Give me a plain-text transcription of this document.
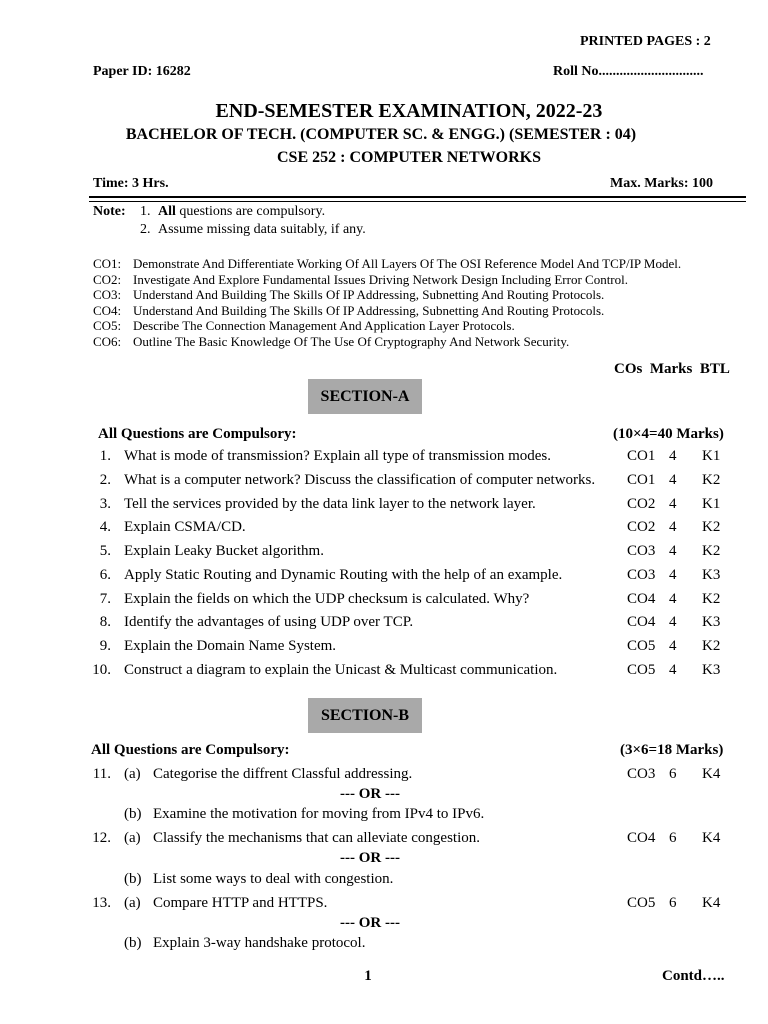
PRINTED PAGES : 2
Paper ID: 16282	Roll No..............................
END-SEMESTER EXAMINATION, 2022-23
BACHELOR OF TECH. (COMPUTER SC. & ENGG.) (SEMESTER : 04)
CSE 252 : COMPUTER NETWORKS
Time: 3 Hrs.	Max. Marks: 100
Note: 1. All questions are compulsory.
2. Assume missing data suitably, if any.
CO1: Demonstrate And Differentiate Working Of All Layers Of The OSI Reference Model And TCP/IP Model.
CO2: Investigate And Explore Fundamental Issues Driving Network Design Including Error Control.
CO3: Understand And Building The Skills Of IP Addressing, Subnetting And Routing Protocols.
CO4: Understand And Building The Skills Of IP Addressing, Subnetting And Routing Protocols.
CO5: Describe The Connection Management And Application Layer Protocols.
CO6: Outline The Basic Knowledge Of The Use Of Cryptography And Network Security.
COs  Marks  BTL
SECTION-A
All Questions are Compulsory:	(10×4=40 Marks)
1. What is mode of transmission? Explain all type of transmission modes.	CO1 4 K1
2. What is a computer network? Discuss the classification of computer networks. CO1 4 K2
3. Tell the services provided by the data link layer to the network layer.	CO2 4 K1
4. Explain CSMA/CD.	CO2 4 K2
5. Explain Leaky Bucket algorithm.	CO3 4 K2
6. Apply Static Routing and Dynamic Routing with the help of an example.	CO3 4 K3
7. Explain the fields on which the UDP checksum is calculated. Why?	CO4 4 K2
8. Identify the advantages of using UDP over TCP.	CO4 4 K3
9. Explain the Domain Name System.	CO5 4 K2
10. Construct a diagram to explain the Unicast & Multicast communication.	CO5 4 K3
SECTION-B
All Questions are Compulsory:	(3×6=18 Marks)
11. (a) Categorise the diffrent Classful addressing.	CO3 6 K4
--- OR ---
(b) Examine the motivation for moving from IPv4 to IPv6.
12. (a) Classify the mechanisms that can alleviate congestion.	CO4 6 K4
--- OR ---
(b) List some ways to deal with congestion.
13. (a) Compare HTTP and HTTPS.	CO5 6 K4
--- OR ---
(b) Explain 3-way handshake protocol.
1	Contd…..
